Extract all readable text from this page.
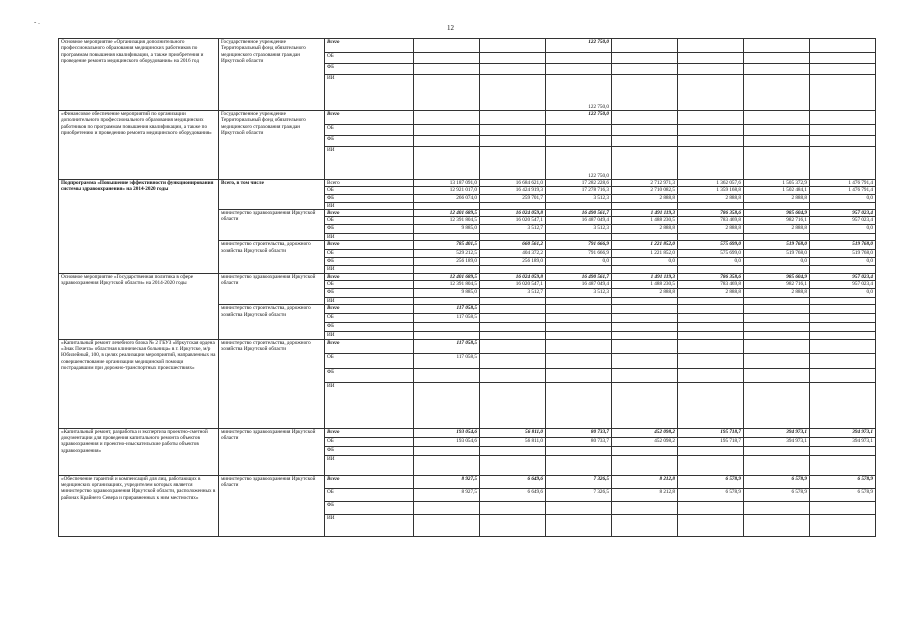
- .
12
Основное мероприятие «Организация дополнительного профессионального образования медицинских работников по программам повышения квалификации, а также приобретения и проведение ремонта медицинского оборудования» на 2016 год	Государственное учреждение Территориальный фонд обязательного медицинского страхования граждан Иркутской области	Всего			122 750,0				
		ОБ							
		ФБ							
		ИИ			122 750,0				
«Финансовое обеспечение мероприятий по организации дополнительного профессионального образования медицинских работников по программам повышения квалификации, а также по приобретению и проведению ремонта медицинского оборудования»	Государственное учреждение Территориальный фонд обязательного медицинского страхования граждан Иркутской области	Всего			122 750,0				
		ОБ							
		ФБ							
		ИИ			122 750,0				
Подпрограмма «Повышение эффективности функционирования системы здравоохранения» на 2014-2020 годы	Всего, в том числе	Всего	13 187 091,0	16 684 621,0	17 282 228,6	2 712 971,3	1 362 057,6	1 505 372,9	1 476 791,4
		ОБ	12 921 017,0	16 424 919,3	17 278 716,3	2 710 082,5	1 359 168,8	1 502 484,1	1 476 791,4
		ФБ	266 074,0	259 701,7	3 512,3	2 888,8	2 888,8	2 888,8	0,0
		ИИ							
	министерство здравоохранения Иркутской области	Всего	12 401 689,5	16 024 059,8	16 490 561,7	1 491 119,3	786 358,6	985 604,9	957 023,4
		ОБ	12 391 804,5	16 020 547,1	16 487 049,4	1 488 230,5	783 469,8	982 716,1	957 023,4
		ФБ	9 885,0	3 512,7	3 512,3	2 888,8	2 888,8	2 888,8	0,0
		ИИ							
	министерство строительства, дорожного хозяйства Иркутской области	Всего	785 401,5	660 561,2	791 666,9	1 221 852,0	575 699,0	519 768,0	519 768,0
		ОБ	529 212,5	404 372,2	791 666,9	1 221 852,0	575 699,0	519 768,0	519 768,0
		ФБ	256 189,0	256 189,0	0,0	0,0	0,0	0,0	0,0
		ИИ							
Основное мероприятие «Государственная политика в сфере здравоохранения Иркутской области» на 2014-2020 годы	министерство здравоохранения Иркутской области	Всего	12 401 689,5	16 024 059,8	16 490 561,7	1 491 119,3	786 358,6	985 604,9	957 023,4
		ОБ	12 391 804,5	16 020 547,1	16 487 049,4	1 488 230,5	783 469,8	982 716,1	957 023,4
		ФБ	9 885,0	3 512,7	3 512,3	2 888,8	2 888,8	2 888,8	0,0
		ИИ							
	министерство строительства, дорожного хозяйства Иркутской области	Всего	117 058,5						
		ОБ	117 058,5						
		ФБ							
		ИИ							
«Капитальный ремонт лечебного блока № 2 ГБУЗ «Иркутская ордена «Знак Почета» областная клиническая больница» в г. Иркутске, м/р Юбилейный, 100, в целях реализации мероприятий, направленных на совершенствование организации медицинской помощи пострадавшим при дорожно-транспортных происшествиях»	министерство строительства, дорожного хозяйства Иркутской области	Всего	117 058,5						
		ОБ	117 058,5						
		ФБ							
		ИИ							
«Капитальный ремонт, разработка и экспертиза проектно-сметной документации для проведения капитального ремонта объектов здравоохранения и проектно-изыскательские работы объектов здравоохранения»	министерство здравоохранения Иркутской области	Всего	193 054,6	56 811,0	80 733,7	452 098,2	195 718,7	394 973,1	394 973,1
		ОБ	193 054,6	56 811,0	80 733,7	452 098,2	195 718,7	394 973,1	394 973,1
		ФБ							
		ИИ							
«Обеспечение гарантий и компенсаций для лиц, работающих в медицинских организациях, учредителем которых является министерство здравоохранения Иркутской области, расположенных в районах Крайнего Севера и приравненных к ним местностях»	министерство здравоохранения Иркутской области	Всего	8 927,5	6 649,6	7 326,5	8 212,8	6 578,9	6 578,9	6 578,9
		ОБ	8 927,5	6 649,6	7 326,5	8 212,8	6 578,9	6 578,9	6 578,9
		ФБ							
		ИИ							
